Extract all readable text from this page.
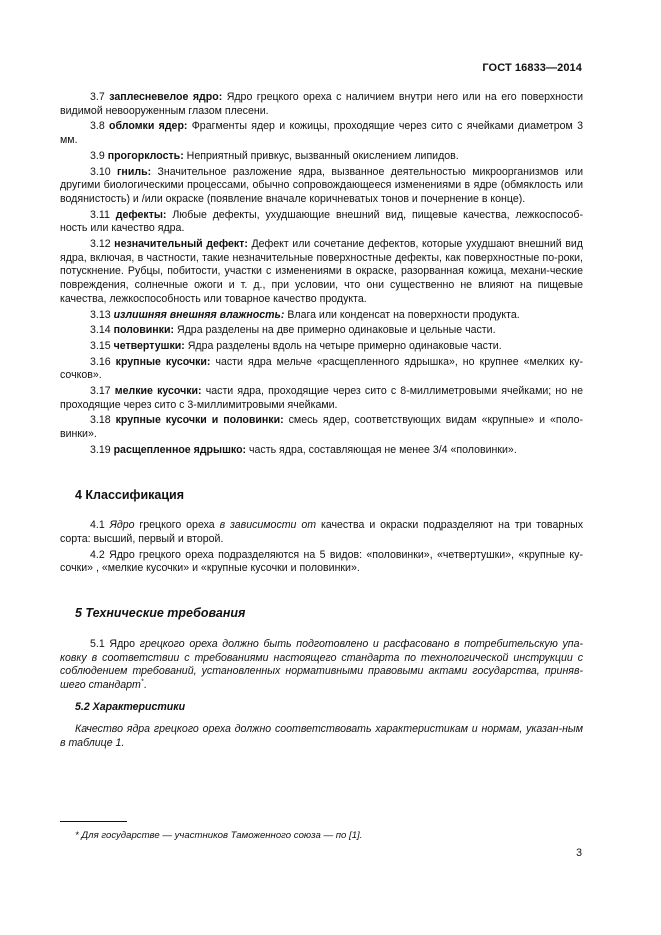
ГОСТ 16833—2014

3.7 заплесневелое ядро: Ядро грецкого ореха с наличием внутри него или на его поверхности видимой невооруженным глазом плесени.

3.8 обломки ядер: Фрагменты ядер и кожицы, проходящие через сито с ячейками диаметром 3 мм.

3.9 прогорклость: Неприятный привкус, вызванный окислением липидов.

3.10 гниль: Значительное разложение ядра, вызванное деятельностью микроорганизмов или другими биологическими процессами, обычно сопровождающееся изменениями в ядре (обмяклость или водянистость) и /или окраске (появление вначале коричневатых тонов и почернение в конце).

3.11 дефекты: Любые дефекты, ухудшающие внешний вид, пищевые качества, лежкоспособ-ность или качество ядра.

3.12 незначительный дефект: Дефект или сочетание дефектов, которые ухудшают внешний вид ядра, включая, в частности, такие незначительные поверхностные дефекты, как поверхностные по-роки, потускнение. Рубцы, побитости, участки с изменениями в окраске, разорванная кожица, механи-ческие повреждения, солнечные ожоги и т. д., при условии, что они существенно не влияют на пищевые качества, лежкоспособность или товарное качество продукта.

3.13 излишняя внешняя влажность: Влага или конденсат на поверхности продукта.

3.14 половинки: Ядра разделены на две примерно одинаковые и цельные части.

3.15 четвертушки: Ядра разделены вдоль на четыре примерно одинаковые части.

3.16 крупные кусочки: части ядра мельче «расщепленного ядрышка», но крупнее «мелких ку-сочков».

3.17 мелкие кусочки: части ядра, проходящие через сито с 8-миллиметровыми ячейками; но не проходящие через сито с 3-миллимитровыми ячейками.

3.18 крупные кусочки и половинки: смесь ядер, соответствующих видам «крупные» и «поло-винки».

3.19 расщепленное ядрышко: часть ядра, составляющая не менее 3/4 «половинки».

4 Классификация

4.1 Ядро грецкого ореха в зависимости от качества и окраски подразделяют на три товарных сорта: высший, первый и второй.

4.2 Ядро грецкого ореха подразделяются на 5 видов: «половинки», «четвертушки», «крупные ку-сочки» , «мелкие кусочки» и «крупные кусочки и половинки».

5 Технические требования

5.1 Ядро грецкого ореха должно быть подготовлено и расфасовано в потребительскую упа-ковку в соответствии с требованиями настоящего стандарта по технологической инструкции с соблюдением требований, установленных нормативными правовыми актами государства, приняв-шего стандарт*.

5.2 Характеристики

Качество ядра грецкого ореха должно соответствовать характеристикам и нормам, указан-ным в таблице 1.

* Для государстве — участников Таможенного союза — по [1].
3
